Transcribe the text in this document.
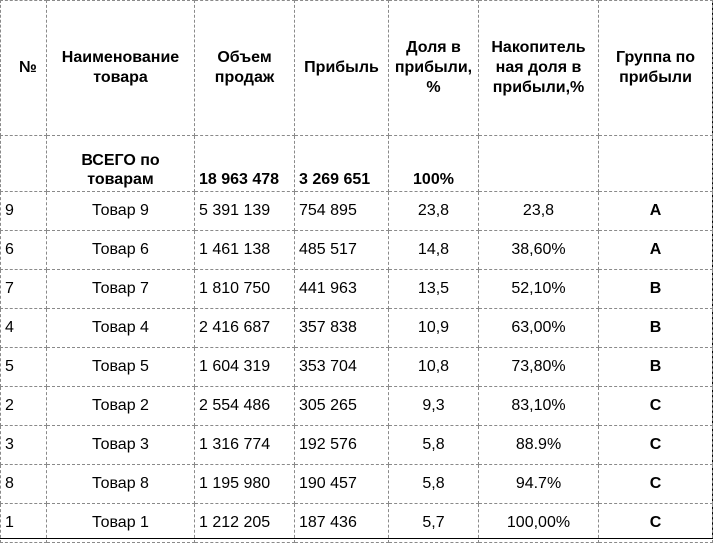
№	Наименование товара	Объем продаж	Прибыль	Доля в прибыли, %	Накопитель ная доля в прибыли,%	Группа по прибыли
	ВСЕГО по товарам	18 963 478	3 269 651	100%		
9	Товар 9	5 391 139	754 895	23,8	23,8	A
6	Товар 6	1 461 138	485 517	14,8	38,60%	A
7	Товар 7	1 810 750	441 963	13,5	52,10%	B
4	Товар 4	2 416 687	357 838	10,9	63,00%	B
5	Товар 5	1 604 319	353 704	10,8	73,80%	B
2	Товар 2	2 554 486	305 265	9,3	83,10%	C
3	Товар 3	1 316 774	192 576	5,8	88.9%	C
8	Товар 8	1 195 980	190 457	5,8	94.7%	C
1	Товар 1	1 212 205	187 436	5,7	100,00%	C
